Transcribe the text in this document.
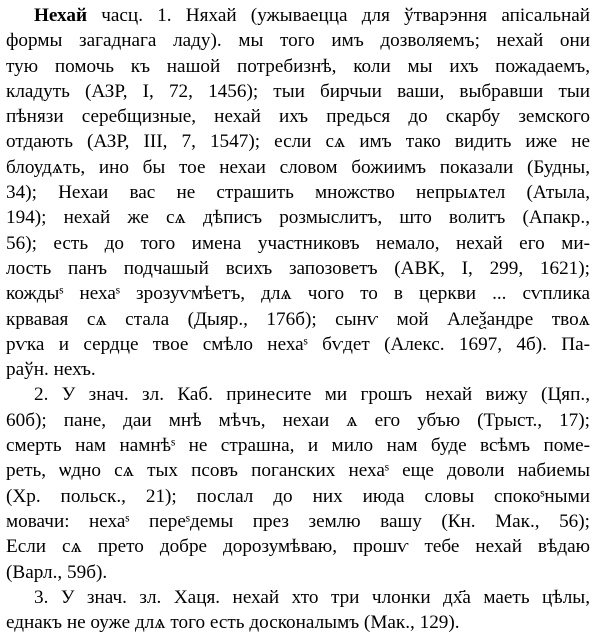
Нехай часц. 1. Няхай (ужываецца для ўтварэння апісальнай
формы загаднага ладу). мы того имъ дозволяемъ; нехай они
тую помочь къ нашой потребизнѣ, коли мы ихъ пожадаемъ,
кладуть (АЗР, І, 72, 1456); тыи бирчыи ваши, выбравши тыи
пѣнязи серебщизные, нехай ихъ предься до скарбу земского
отдають (АЗР, III, 7, 1547); если сѧ имъ тако видить иже не
блоудѧть, ино бы тое нехаи словом божиимъ показали (Будны,
34); Нехаи вас не страшить множство непрыѧтел (Атыла,
194); нехай же сѧ дѣписъ розмыслитъ, што волитъ (Апакр.,
56); есть до того имена участниковъ немало, нехай его ми-
лость панъ подчашый всихъ запозоветъ (АВК, І, 299, 1621);
кождыˢ нехаˢ зрозуѵмѣетъ, длѧ чого то в церкви ... сѵплика
крвавая сѧ стала (Дыяр., 176б); сынѵ мой Алеѯандре твоѧ
рѵка и сердце твое смѣло нехаˢ бѵдет (Алекс. 1697, 4б). Па-
раўн. нехъ.
2. У знач. зл. Каб. принесите ми грошъ нехай вижу (Цяп.,
60б); пане, даи мнѣ мѣчъ, нехаи ѧ его убъю (Трыст., 17);
смерть нам намнѣˢ не страшна, и мило нам буде всѣмъ помe-
реть, ѡдно сѧ тых псовъ поганских нехаˢ еще доволи набиемы
(Хр. польск., 21); послал до них июда словы спокоˢными
мовачи: нехаˢ переˢдемы през землю вашу (Кн. Мак., 56);
Если сѧ прето добре дорозумѣваю, прошѵ тебе нехай вѣдаю
(Варл., 59б).
3. У знач. зл. Хаця. нехай хто три члонки дх҃а маеть цѣлы,
еднакъ не оуже длѧ того есть досконалымъ (Мак., 129).
